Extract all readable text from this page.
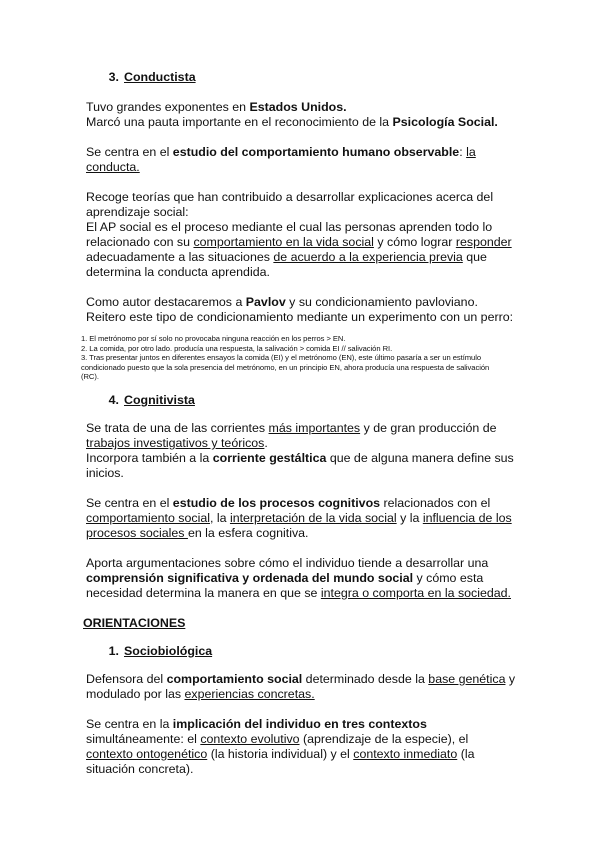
3. Conductista

Tuvo grandes exponentes en Estados Unidos.
Marcó una pauta importante en el reconocimiento de la Psicología Social.

Se centra en el estudio del comportamiento humano observable: la conducta.

Recoge teorías que han contribuido a desarrollar explicaciones acerca del aprendizaje social:
El AP social es el proceso mediante el cual las personas aprenden todo lo relacionado con su comportamiento en la vida social y cómo lograr responder adecuadamente a las situaciones de acuerdo a la experiencia previa que determina la conducta aprendida.

Como autor destacaremos a Pavlov y su condicionamiento pavloviano.
Reitero este tipo de condicionamiento mediante un experimento con un perro:

1. El metrónomo por sí solo no provocaba ninguna reacción en los perros > EN.

2. La comida, por otro lado. producía una respuesta, la salivación > comida EI // salivación RI.

3. Tras presentar juntos en diferentes ensayos la comida (EI) y el metrónomo (EN), este último pasaría a ser un estímulo condicionado puesto que la sola presencia del metrónomo, en un principio EN, ahora producía una respuesta de salivación (RC).

4. Cognitivista

Se trata de una de las corrientes más importantes y de gran producción de trabajos investigativos y teóricos.
Incorpora también a la corriente gestáltica que de alguna manera define sus inicios.

Se centra en el estudio de los procesos cognitivos relacionados con el comportamiento social, la interpretación de la vida social y la influencia de los procesos sociales en la esfera cognitiva.

Aporta argumentaciones sobre cómo el individuo tiende a desarrollar una comprensión significativa y ordenada del mundo social y cómo esta necesidad determina la manera en que se integra o comporta en la sociedad.

ORIENTACIONES

1. Sociobiológica

Defensora del comportamiento social determinado desde la base genética y modulado por las experiencias concretas.

Se centra en la implicación del individuo en tres contextos simultáneamente: el contexto evolutivo (aprendizaje de la especie), el contexto ontogenético (la historia individual) y el contexto inmediato (la situación concreta).
